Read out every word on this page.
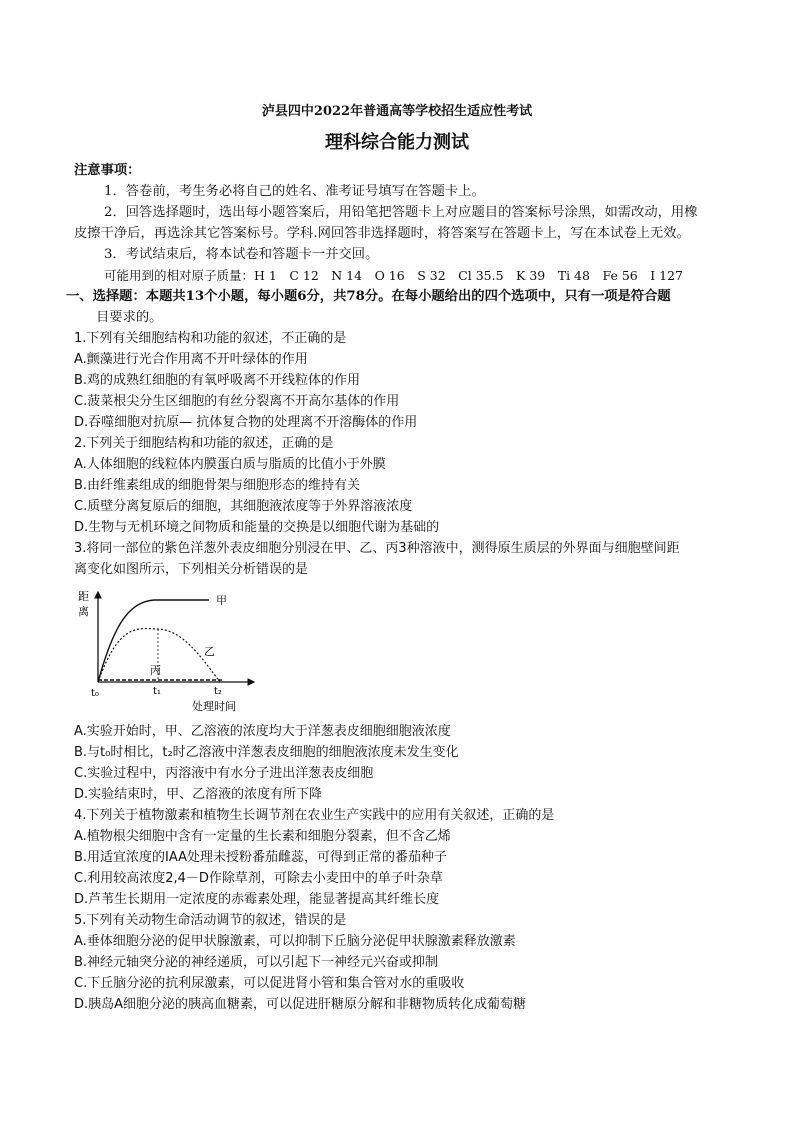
泸县四中2022年普通高等学校招生适应性考试
理科综合能力测试
注意事项：
1．答卷前，考生务必将自己的姓名、准考证号填写在答题卡上。
2．回答选择题时，选出每小题答案后，用铅笔把答题卡上对应题目的答案标号涂黑，如需改动，用橡
皮擦干净后，再选涂其它答案标号。学科.网回答非选择题时，将答案写在答题卡上，写在本试卷上无效。
3．考试结束后，将本试卷和答题卡一并交回。
可能用到的相对原子质量：H 1　C 12　N 14　O 16　S 32　Cl 35.5　K 39　Ti 48　Fe 56　I 127
一、选择题：本题共13个小题，每小题6分，共78分。在每小题给出的四个选项中，只有一项是符合题
目要求的。
1.下列有关细胞结构和功能的叙述，不正确的是
A.颤藻进行光合作用离不开叶绿体的作用
B.鸡的成熟红细胞的有氧呼吸离不开线粒体的作用
C.菠菜根尖分生区细胞的有丝分裂离不开高尔基体的作用
D.吞噬细胞对抗原— 抗体复合物的处理离不开溶酶体的作用
2.下列关于细胞结构和功能的叙述，正确的是
A.人体细胞的线粒体内膜蛋白质与脂质的比值小于外膜
B.由纤维素组成的细胞骨架与细胞形态的维持有关
C.质壁分离复原后的细胞，其细胞液浓度等于外界溶液浓度
D.生物与无机环境之间物质和能量的交换是以细胞代谢为基础的
3.将同一部位的紫色洋葱外表皮细胞分别浸在甲、乙、丙3种溶液中，测得原生质层的外界面与细胞壁间距
离变化如图所示，下列相关分析错误的是
距
离
甲
乙
丙
t₀	t₁	t₂
处理时间
A.实验开始时，甲、乙溶液的浓度均大于洋葱表皮细胞细胞液浓度
B.与t₀时相比，t₂时乙溶液中洋葱表皮细胞的细胞液浓度未发生变化
C.实验过程中，丙溶液中有水分子进出洋葱表皮细胞
D.实验结束时，甲、乙溶液的浓度有所下降
4.下列关于植物激素和植物生长调节剂在农业生产实践中的应用有关叙述，正确的是
A.植物根尖细胞中含有一定量的生长素和细胞分裂素，但不含乙烯
B.用适宜浓度的IAA处理未授粉番茄雌蕊，可得到正常的番茄种子
C.利用较高浓度2,4－D作除草剂，可除去小麦田中的单子叶杂草
D.芦苇生长期用一定浓度的赤霉素处理，能显著提高其纤维长度
5.下列有关动物生命活动调节的叙述，错误的是
A.垂体细胞分泌的促甲状腺激素，可以抑制下丘脑分泌促甲状腺激素释放激素
B.神经元轴突分泌的神经递质，可以引起下一神经元兴奋或抑制
C.下丘脑分泌的抗利尿激素，可以促进肾小管和集合管对水的重吸收
D.胰岛A细胞分泌的胰高血糖素，可以促进肝糖原分解和非糖物质转化成葡萄糖
